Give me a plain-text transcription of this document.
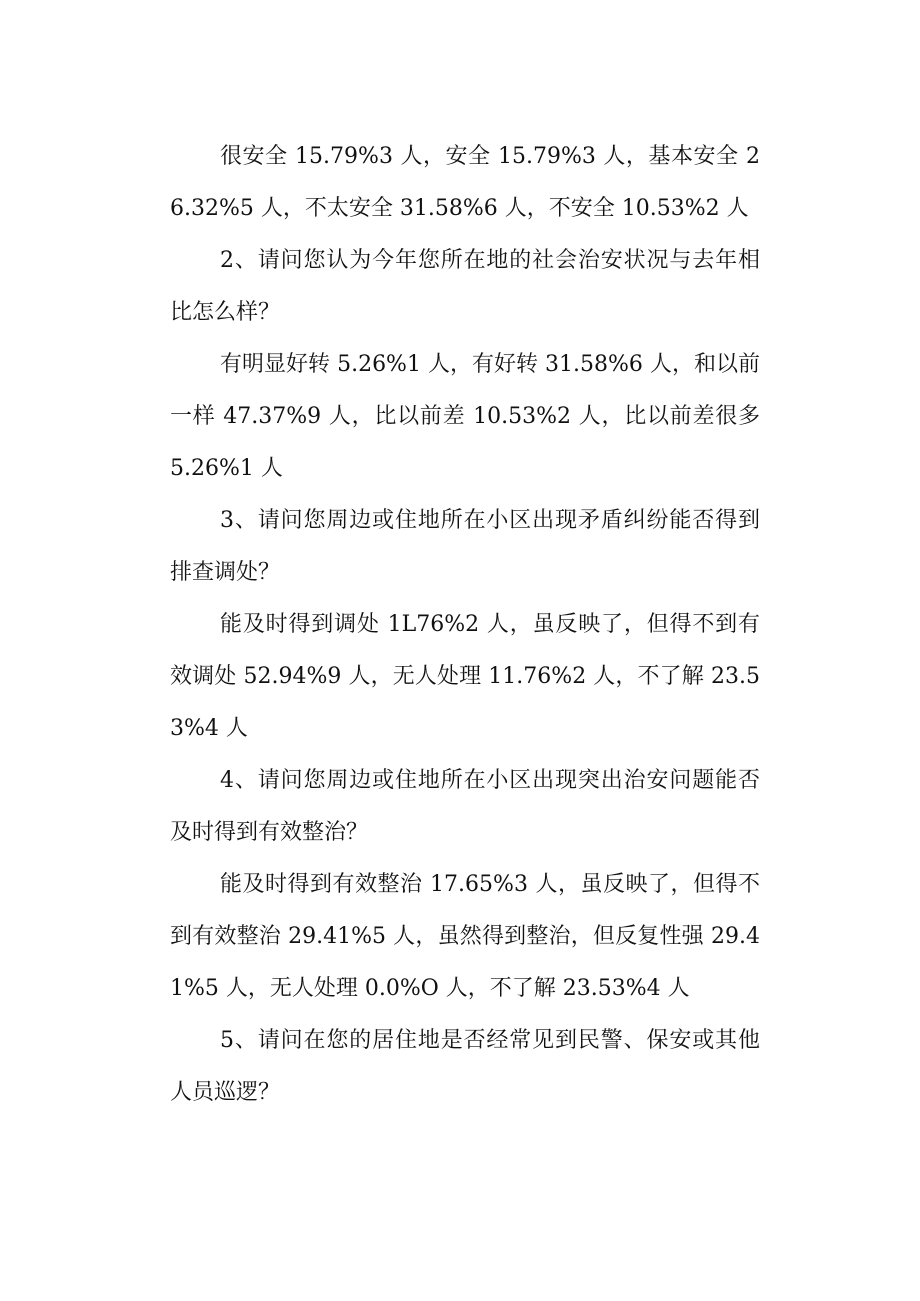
很安全 15.79%3 人，安全 15.79%3 人，基本安全 26.32%5 人，不太安全 31.58%6 人，不安全 10.53%2 人

2、请问您认为今年您所在地的社会治安状况与去年相比怎么样？

有明显好转 5.26%1 人，有好转 31.58%6 人，和以前一样 47.37%9 人，比以前差 10.53%2 人，比以前差很多 5.26%1 人

3、请问您周边或住地所在小区出现矛盾纠纷能否得到排查调处？

能及时得到调处 1L76%2 人，虽反映了，但得不到有效调处 52.94%9 人，无人处理 11.76%2 人，不了解 23.53%4 人

4、请问您周边或住地所在小区出现突出治安问题能否及时得到有效整治？

能及时得到有效整治 17.65%3 人，虽反映了，但得不到有效整治 29.41%5 人，虽然得到整治，但反复性强 29.41%5 人，无人处理 0.0%O 人，不了解 23.53%4 人

5、请问在您的居住地是否经常见到民警、保安或其他人员巡逻？
